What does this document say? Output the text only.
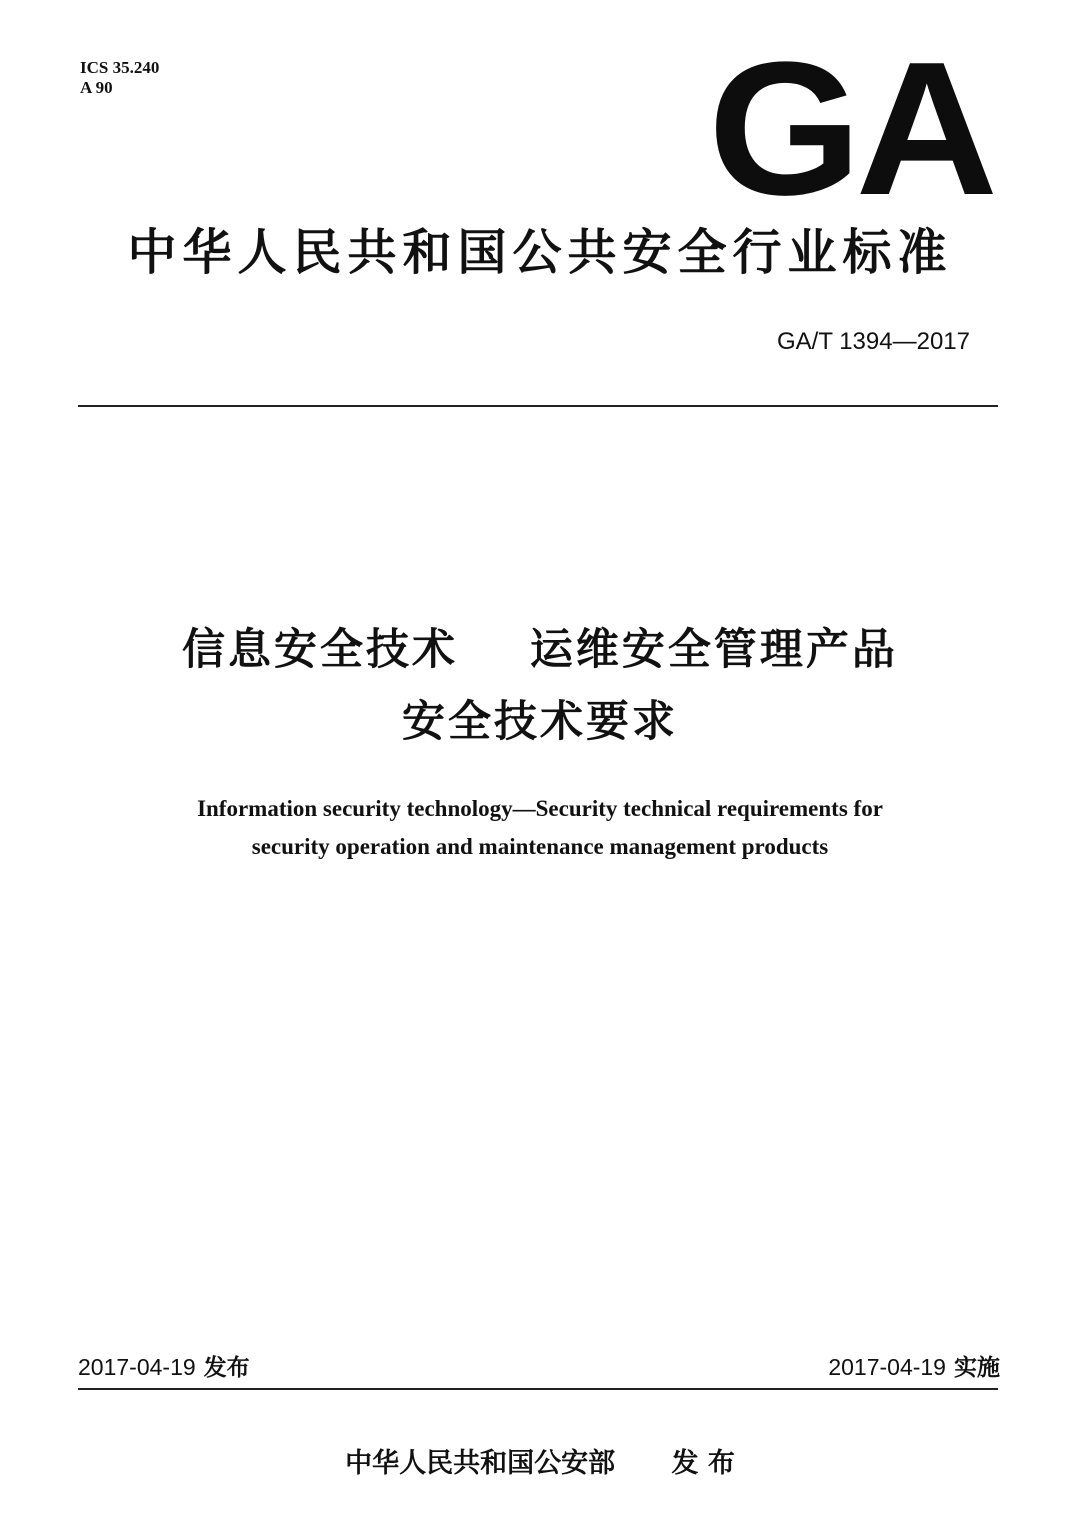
ICS 35.240
A 90	GA
中华人民共和国公共安全行业标准
GA/T 1394—2017
信息安全技术    运维安全管理产品
安全技术要求
Information security technology—Security technical requirements for
security operation and maintenance management products
2017-04-19 发布	2017-04-19 实施
中华人民共和国公安部 发 布
